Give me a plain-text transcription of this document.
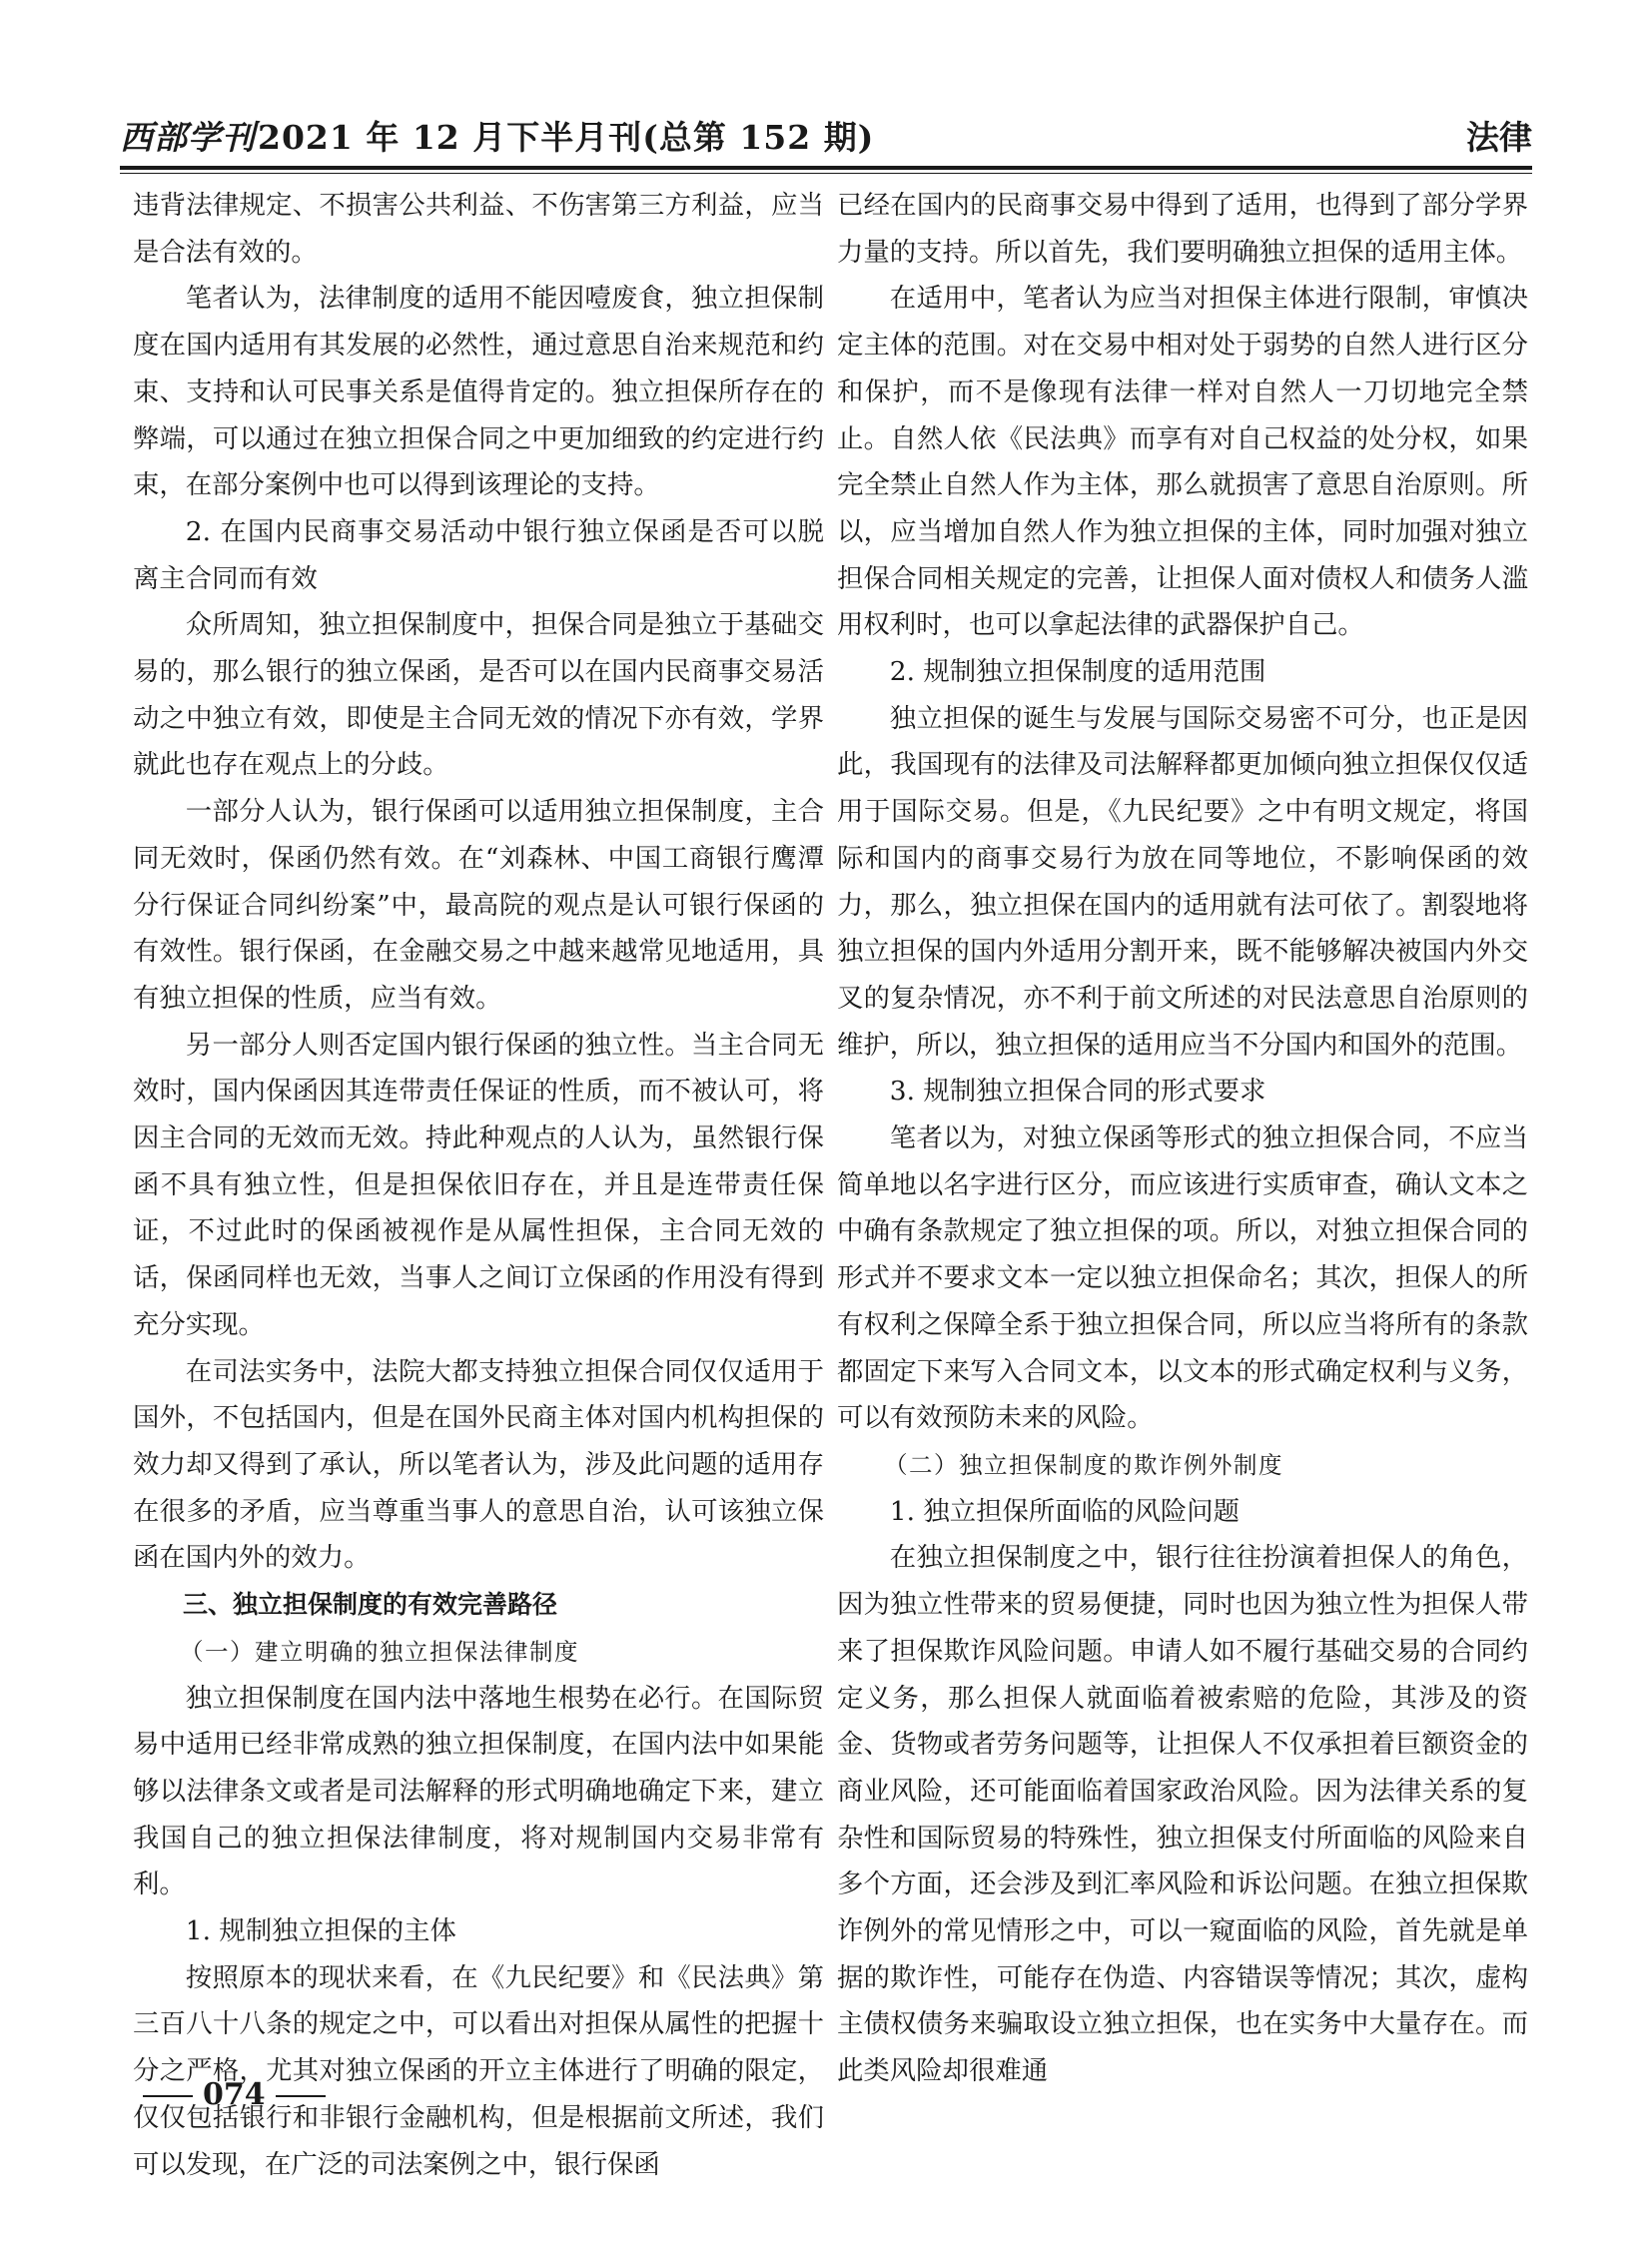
西部学刊2021 年 12 月下半月刊(总第 152 期)	法律

违背法律规定、不损害公共利益、不伤害第三方利益，应当是合法有效的。

笔者认为，法律制度的适用不能因噎废食，独立担保制度在国内适用有其发展的必然性，通过意思自治来规范和约束、支持和认可民事关系是值得肯定的。独立担保所存在的弊端，可以通过在独立担保合同之中更加细致的约定进行约束，在部分案例中也可以得到该理论的支持。

2. 在国内民商事交易活动中银行独立保函是否可以脱离主合同而有效

众所周知，独立担保制度中，担保合同是独立于基础交易的，那么银行的独立保函，是否可以在国内民商事交易活动之中独立有效，即使是主合同无效的情况下亦有效，学界就此也存在观点上的分歧。

一部分人认为，银行保函可以适用独立担保制度，主合同无效时，保函仍然有效。在“刘森林、中国工商银行鹰潭分行保证合同纠纷案”中，最高院的观点是认可银行保函的有效性。银行保函，在金融交易之中越来越常见地适用，具有独立担保的性质，应当有效。

另一部分人则否定国内银行保函的独立性。当主合同无效时，国内保函因其连带责任保证的性质，而不被认可，将因主合同的无效而无效。持此种观点的人认为，虽然银行保函不具有独立性，但是担保依旧存在，并且是连带责任保证，不过此时的保函被视作是从属性担保，主合同无效的话，保函同样也无效，当事人之间订立保函的作用没有得到充分实现。

在司法实务中，法院大都支持独立担保合同仅仅适用于国外，不包括国内，但是在国外民商主体对国内机构担保的效力却又得到了承认，所以笔者认为，涉及此问题的适用存在很多的矛盾，应当尊重当事人的意思自治，认可该独立保函在国内外的效力。

三、独立担保制度的有效完善路径

（一）建立明确的独立担保法律制度

独立担保制度在国内法中落地生根势在必行。在国际贸易中适用已经非常成熟的独立担保制度，在国内法中如果能够以法律条文或者是司法解释的形式明确地确定下来，建立我国自己的独立担保法律制度，将对规制国内交易非常有利。

1. 规制独立担保的主体

按照原本的现状来看，在《九民纪要》和《民法典》第三百八十八条的规定之中，可以看出对担保从属性的把握十分之严格，尤其对独立保函的开立主体进行了明确的限定，仅仅包括银行和非银行金融机构，但是根据前文所述，我们可以发现，在广泛的司法案例之中，银行保函

已经在国内的民商事交易中得到了适用，也得到了部分学界力量的支持。所以首先，我们要明确独立担保的适用主体。

在适用中，笔者认为应当对担保主体进行限制，审慎决定主体的范围。对在交易中相对处于弱势的自然人进行区分和保护，而不是像现有法律一样对自然人一刀切地完全禁止。自然人依《民法典》而享有对自己权益的处分权，如果完全禁止自然人作为主体，那么就损害了意思自治原则。所以，应当增加自然人作为独立担保的主体，同时加强对独立担保合同相关规定的完善，让担保人面对债权人和债务人滥用权利时，也可以拿起法律的武器保护自己。

2. 规制独立担保制度的适用范围

独立担保的诞生与发展与国际交易密不可分，也正是因此，我国现有的法律及司法解释都更加倾向独立担保仅仅适用于国际交易。但是，《九民纪要》之中有明文规定，将国际和国内的商事交易行为放在同等地位，不影响保函的效力，那么，独立担保在国内的适用就有法可依了。割裂地将独立担保的国内外适用分割开来，既不能够解决被国内外交叉的复杂情况，亦不利于前文所述的对民法意思自治原则的维护，所以，独立担保的适用应当不分国内和国外的范围。

3. 规制独立担保合同的形式要求

笔者以为，对独立保函等形式的独立担保合同，不应当简单地以名字进行区分，而应该进行实质审查，确认文本之中确有条款规定了独立担保的项。所以，对独立担保合同的形式并不要求文本一定以独立担保命名；其次，担保人的所有权利之保障全系于独立担保合同，所以应当将所有的条款都固定下来写入合同文本，以文本的形式确定权利与义务，可以有效预防未来的风险。

（二）独立担保制度的欺诈例外制度

1. 独立担保所面临的风险问题

在独立担保制度之中，银行往往扮演着担保人的角色，因为独立性带来的贸易便捷，同时也因为独立性为担保人带来了担保欺诈风险问题。申请人如不履行基础交易的合同约定义务，那么担保人就面临着被索赔的危险，其涉及的资金、货物或者劳务问题等，让担保人不仅承担着巨额资金的商业风险，还可能面临着国家政治风险。因为法律关系的复杂性和国际贸易的特殊性，独立担保支付所面临的风险来自多个方面，还会涉及到汇率风险和诉讼问题。在独立担保欺诈例外的常见情形之中，可以一窥面临的风险，首先就是单据的欺诈性，可能存在伪造、内容错误等情况；其次，虚构主债权债务来骗取设立独立担保，也在实务中大量存在。而此类风险却很难通

074
